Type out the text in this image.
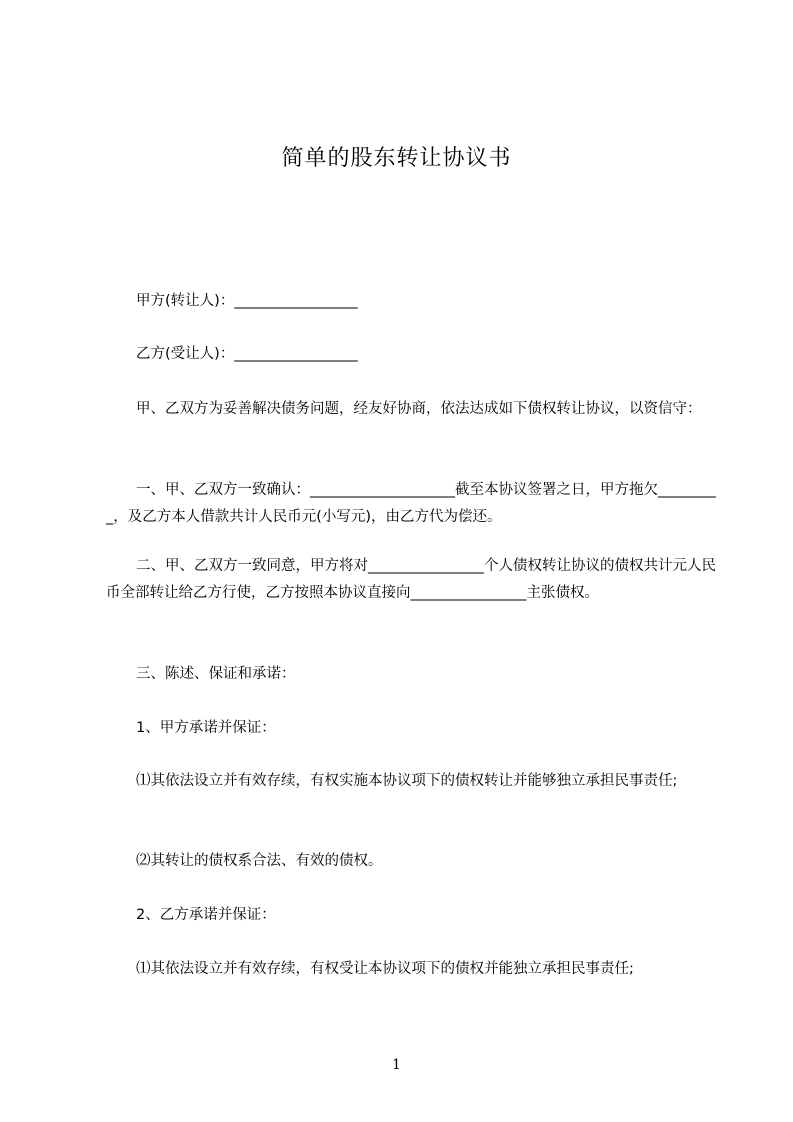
简单的股东转让协议书
甲方(转让人)：_________________
乙方(受让人)：_________________
甲、乙双方为妥善解决债务问题，经友好协商，依法达成如下债权转让协议，以资信守：
一、甲、乙双方一致确认：____________________截至本协议签署之日，甲方拖欠_________，及乙方本人借款共计人民币元(小写元)，由乙方代为偿还。
二、甲、乙双方一致同意，甲方将对________________个人债权转让协议的债权共计元人民币全部转让给乙方行使，乙方按照本协议直接向________________主张债权。
三、陈述、保证和承诺：
1、甲方承诺并保证：
⑴其依法设立并有效存续，有权实施本协议项下的债权转让并能够独立承担民事责任;
⑵其转让的债权系合法、有效的债权。
2、乙方承诺并保证：
⑴其依法设立并有效存续，有权受让本协议项下的债权并能独立承担民事责任;
1
